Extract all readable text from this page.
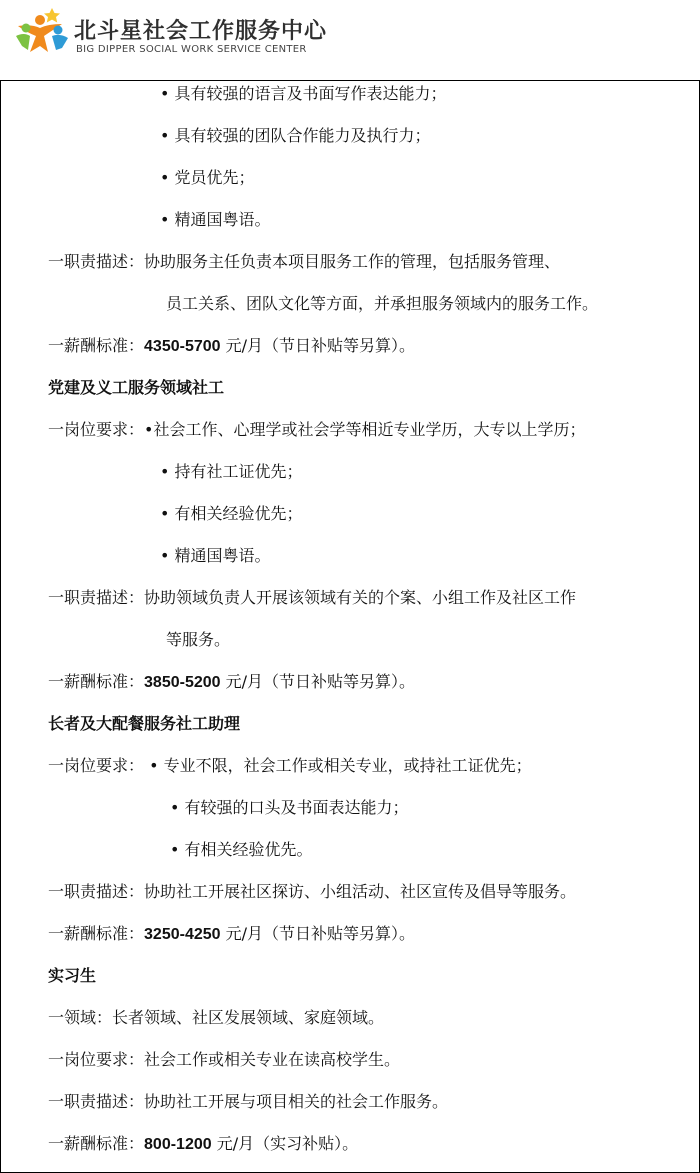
北斗星社会工作服务中心
BIG DIPPER SOCIAL WORK SERVICE CENTER
• 具有较强的语言及书面写作表达能力；
• 具有较强的团队合作能力及执行力；
• 党员优先；
• 精通国粤语。
一职责描述：协助服务主任负责本项目服务工作的管理，包括服务管理、
员工关系、团队文化等方面，并承担服务领域内的服务工作。
一薪酬标准：4350-5700 元/月（节日补贴等另算）。
党建及义工服务领域社工
一岗位要求：•社会工作、心理学或社会学等相近专业学历，大专以上学历；
• 持有社工证优先；
• 有相关经验优先；
• 精通国粤语。
一职责描述：协助领域负责人开展该领域有关的个案、小组工作及社区工作
等服务。
一薪酬标准：3850-5200 元/月（节日补贴等另算）。
长者及大配餐服务社工助理
一岗位要求： • 专业不限，社会工作或相关专业，或持社工证优先；
• 有较强的口头及书面表达能力；
• 有相关经验优先。
一职责描述：协助社工开展社区探访、小组活动、社区宣传及倡导等服务。
一薪酬标准：3250-4250 元/月（节日补贴等另算）。
实习生
一领域：长者领域、社区发展领域、家庭领域。
一岗位要求：社会工作或相关专业在读高校学生。
一职责描述：协助社工开展与项目相关的社会工作服务。
一薪酬标准：800-1200 元/月（实习补贴）。
